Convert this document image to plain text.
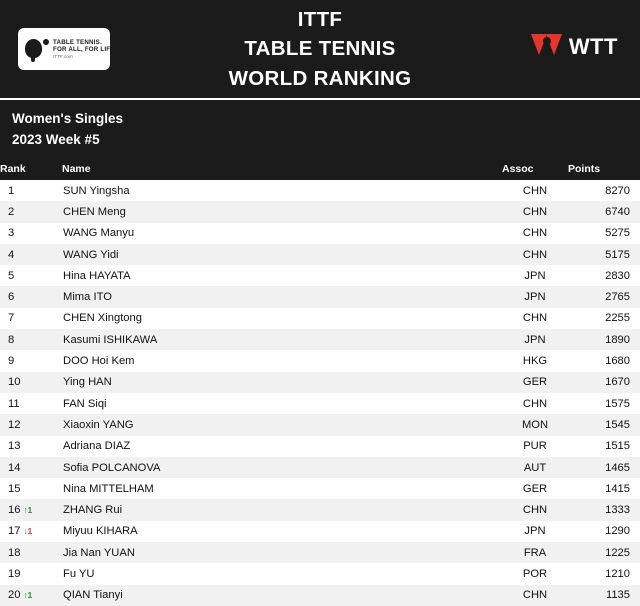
TABLE TENNIS.
FOR ALL, FOR LIFE.
ITTF.com
ITTF
TABLE TENNIS
WORLD RANKING
WTT
Women's Singles
2023 Week #5
Rank	Name	Assoc	Points

1	SUN Yingsha	CHN	8270

2	CHEN Meng	CHN	6740

3	WANG Manyu	CHN	5275

4	WANG Yidi	CHN	5175

5	Hina HAYATA	JPN	2830

6	Mima ITO	JPN	2765

7	CHEN Xingtong	CHN	2255

8	Kasumi ISHIKAWA	JPN	1890

9	DOO Hoi Kem	HKG	1680

10	Ying HAN	GER	1670

11	FAN Siqi	CHN	1575

12	Xiaoxin YANG	MON	1545

13	Adriana DIAZ	PUR	1515

14	Sofia POLCANOVA	AUT	1465

15	Nina MITTELHAM	GER	1415

16 ↑1	ZHANG Rui	CHN	1333

17 ↓1	Miyuu KIHARA	JPN	1290

18	Jia Nan YUAN	FRA	1225

19	Fu YU	POR	1210

20 ↑1	QIAN Tianyi	CHN	1135
